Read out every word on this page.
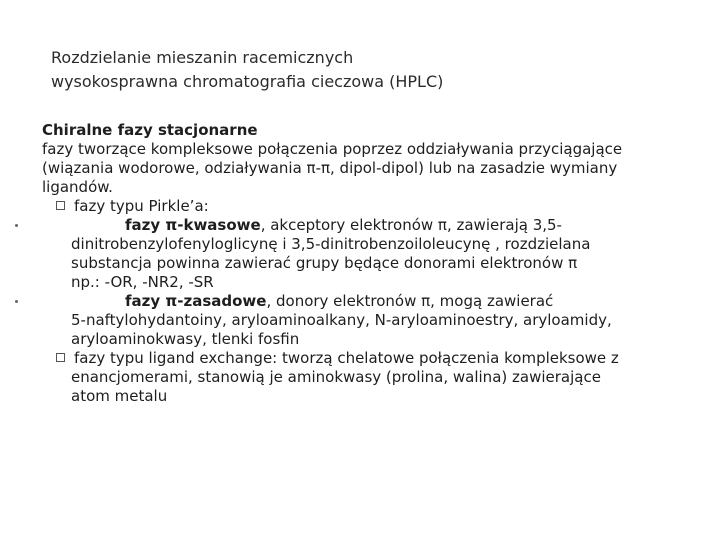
Rozdzielanie mieszanin racemicznych
wysokosprawna chromatografia cieczowa (HPLC)
Chiralne fazy stacjonarne
fazy tworzące kompleksowe połączenia poprzez oddziaływania przyciągające
(wiązania wodorowe, odziaływania π-π, dipol-dipol) lub na zasadzie wymiany
ligandów.
fazy typu Pirkle’a:
fazy π-kwasowe, akceptory elektronów π, zawierają 3,5-
dinitrobenzylofenyloglicynę i 3,5-dinitrobenzoiloleucynę , rozdzielana
substancja powinna zawierać grupy będące donorami elektronów π
np.: -OR, -NR2, -SR
fazy π-zasadowe, donory elektronów π, mogą zawierać
5-naftylohydantoiny, aryloaminoalkany, N-aryloaminoestry, aryloamidy,
aryloaminokwasy, tlenki fosfin
fazy typu ligand exchange: tworzą chelatowe połączenia kompleksowe z
enancjomerami, stanowią je aminokwasy (prolina, walina) zawierające
atom metalu
